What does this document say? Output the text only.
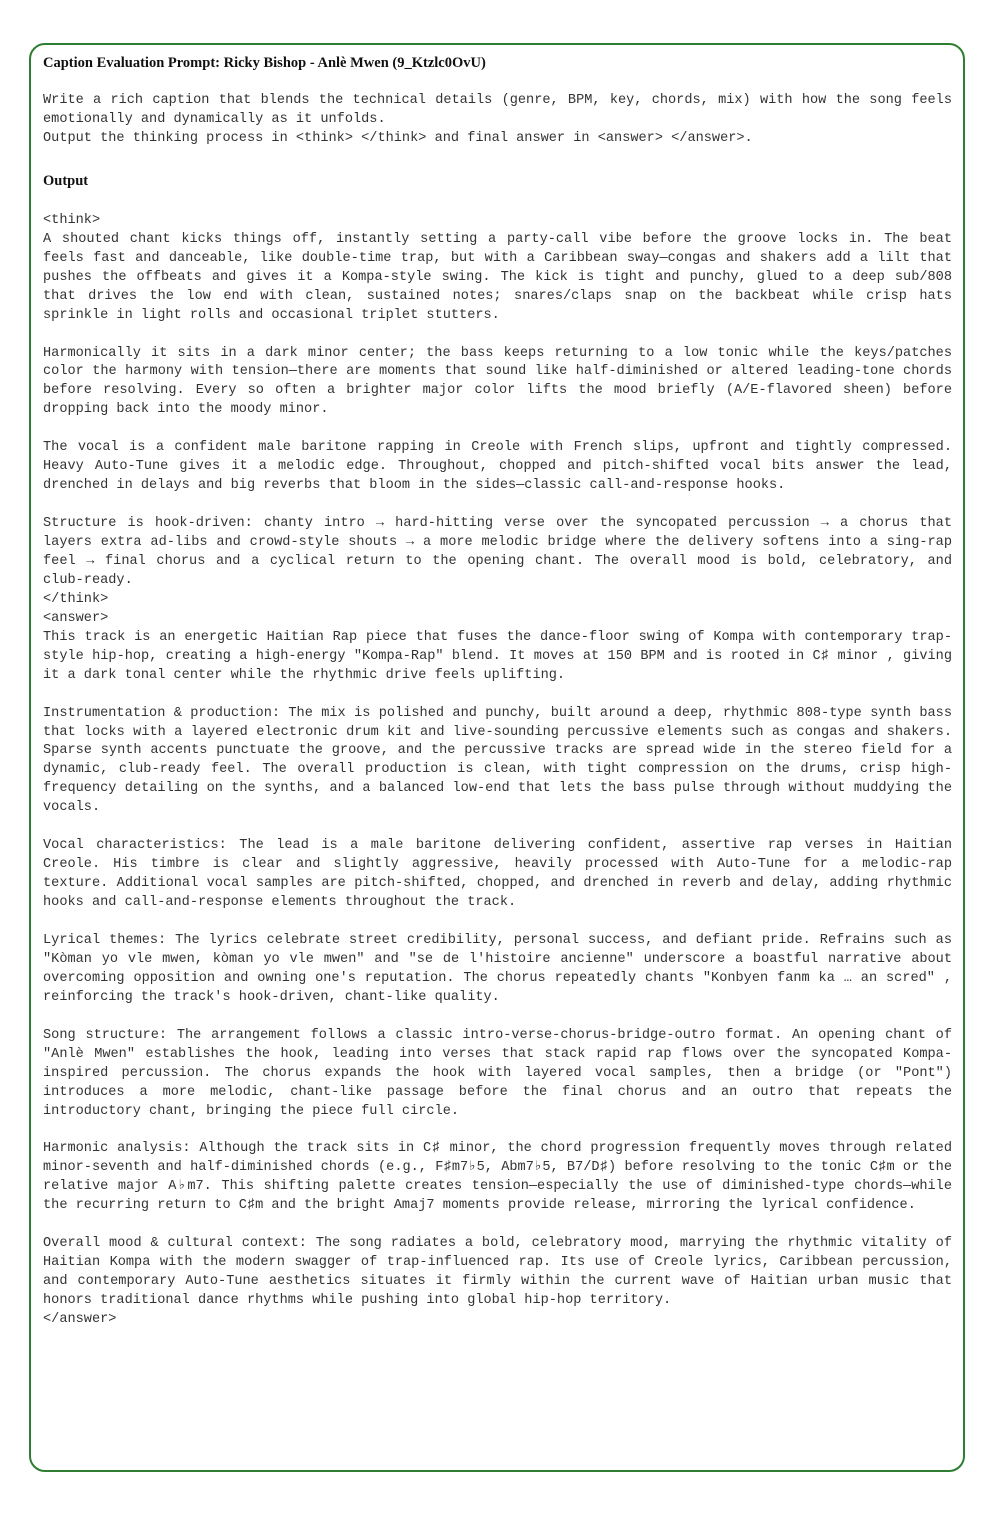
Caption Evaluation Prompt: Ricky Bishop - Anlè Mwen (9_Ktzlc0OvU)
Write a rich caption that blends the technical details (genre, BPM, key, chords, mix) with how the song feels emotionally and dynamically as it unfolds.
Output the thinking process in <think> </think> and final answer in <answer> </answer>.
Output

<think>

A shouted chant kicks things off, instantly setting a party-call vibe before the groove locks in. The beat feels fast and danceable, like double-time trap, but with a Caribbean sway—congas and shakers add a lilt that pushes the offbeats and gives it a Kompa-style swing. The kick is tight and punchy, glued to a deep sub/808 that drives the low end with clean, sustained notes; snares/claps snap on the backbeat while crisp hats sprinkle in light rolls and occasional triplet stutters.

Harmonically it sits in a dark minor center; the bass keeps returning to a low tonic while the keys/patches color the harmony with tension—there are moments that sound like half-diminished or altered leading-tone chords before resolving. Every so often a brighter major color lifts the mood briefly (A/E-flavored sheen) before dropping back into the moody minor.

The vocal is a confident male baritone rapping in Creole with French slips, upfront and tightly compressed. Heavy Auto-Tune gives it a melodic edge. Throughout, chopped and pitch-shifted vocal bits answer the lead, drenched in delays and big reverbs that bloom in the sides—classic call-and-response hooks.

Structure is hook-driven: chanty intro → hard-hitting verse over the syncopated percussion → a chorus that layers extra ad-libs and crowd-style shouts → a more melodic bridge where the delivery softens into a sing-rap feel → final chorus and a cyclical return to the opening chant. The overall mood is bold, celebratory, and club-ready.

</think>

<answer>

This track is an energetic Haitian Rap piece that fuses the dance-floor swing of Kompa with contemporary trap-style hip-hop, creating a high-energy "Kompa-Rap" blend. It moves at 150 BPM and is rooted in C♯ minor , giving it a dark tonal center while the rhythmic drive feels uplifting.

Instrumentation & production: The mix is polished and punchy, built around a deep, rhythmic 808-type synth bass that locks with a layered electronic drum kit and live-sounding percussive elements such as congas and shakers. Sparse synth accents punctuate the groove, and the percussive tracks are spread wide in the stereo field for a dynamic, club-ready feel. The overall production is clean, with tight compression on the drums, crisp high-frequency detailing on the synths, and a balanced low-end that lets the bass pulse through without muddying the vocals.

Vocal characteristics: The lead is a male baritone delivering confident, assertive rap verses in Haitian Creole. His timbre is clear and slightly aggressive, heavily processed with Auto-Tune for a melodic-rap texture. Additional vocal samples are pitch-shifted, chopped, and drenched in reverb and delay, adding rhythmic hooks and call-and-response elements throughout the track.

Lyrical themes: The lyrics celebrate street credibility, personal success, and defiant pride. Refrains such as "Kòman yo vle mwen, kòman yo vle mwen" and "se de l'histoire ancienne" underscore a boastful narrative about overcoming opposition and owning one's reputation. The chorus repeatedly chants "Konbyen fanm ka … an scred" , reinforcing the track's hook-driven, chant-like quality.

Song structure: The arrangement follows a classic intro-verse-chorus-bridge-outro format. An opening chant of "Anlè Mwen" establishes the hook, leading into verses that stack rapid rap flows over the syncopated Kompa-inspired percussion. The chorus expands the hook with layered vocal samples, then a bridge (or "Pont") introduces a more melodic, chant-like passage before the final chorus and an outro that repeats the introductory chant, bringing the piece full circle.

Harmonic analysis: Although the track sits in C♯ minor, the chord progression frequently moves through related minor-seventh and half-diminished chords (e.g., F♯m7♭5, Abm7♭5, B7/D♯) before resolving to the tonic C♯m or the relative major A♭m7. This shifting palette creates tension—especially the use of diminished-type chords—while the recurring return to C♯m and the bright Amaj7 moments provide release, mirroring the lyrical confidence.

Overall mood & cultural context: The song radiates a bold, celebratory mood, marrying the rhythmic vitality of Haitian Kompa with the modern swagger of trap-influenced rap. Its use of Creole lyrics, Caribbean percussion, and contemporary Auto-Tune aesthetics situates it firmly within the current wave of Haitian urban music that honors traditional dance rhythms while pushing into global hip-hop territory.

</answer>
